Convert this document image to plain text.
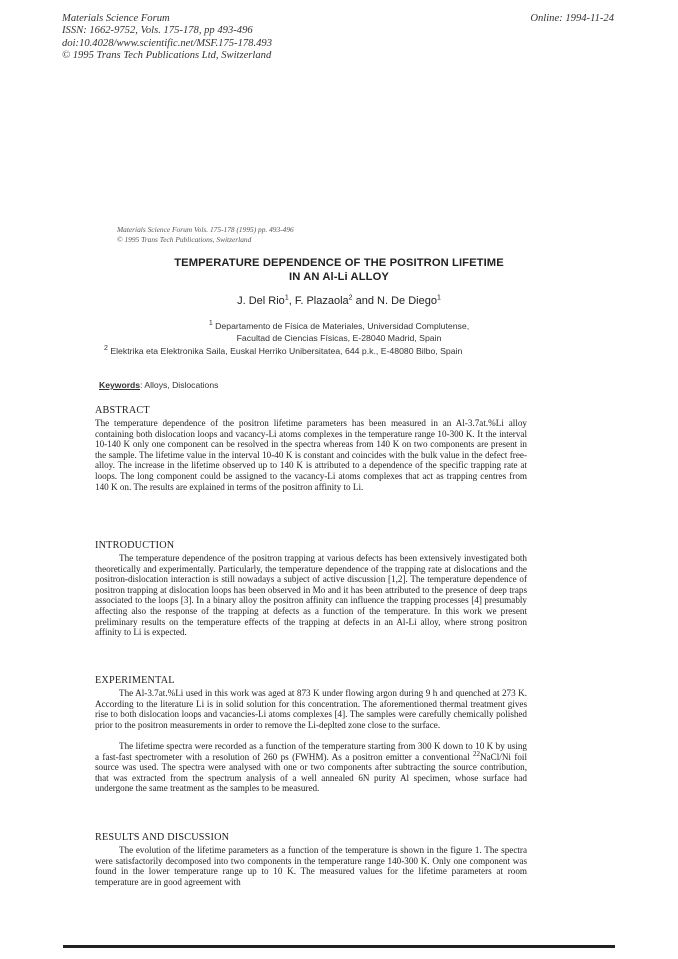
Materials Science Forum
ISSN: 1662-9752, Vols. 175-178, pp 493-496
doi:10.4028/www.scientific.net/MSF.175-178.493
© 1995 Trans Tech Publications Ltd, Switzerland
Online: 1994-11-24
Materials Science Forum Vols. 175-178 (1995) pp. 493-496
© 1995 Trans Tech Publications, Switzerland
TEMPERATURE DEPENDENCE OF THE POSITRON LIFETIME
IN AN Al-Li ALLOY
J. Del Rio$^1$, F. Plazaola$^2$ and N. De Diego$^1$
$^1$ Departamento de Física de Materiales, Universidad Complutense,
Facultad de Ciencias Físicas, E-28040 Madrid, Spain
$^2$ Elektrika eta Elektronika Saila, Euskal Herriko Unibersitatea, 644 p.k., E-48080 Bilbo, Spain
Keywords: Alloys, Dislocations
ABSTRACT

The temperature dependence of the positron lifetime parameters has been measured in an Al-3.7at.%Li alloy containing both dislocation loops and vacancy-Li atoms complexes in the temperature range 10-300 K. It the interval 10-140 K only one component can be resolved in the spectra whereas from 140 K on two components are present in the sample. The lifetime value in the interval 10-40 K is constant and coincides with the bulk value in the defect free-alloy. The increase in the lifetime observed up to 140 K is attributed to a dependence of the specific trapping rate at loops. The long component could be assigned to the vacancy-Li atoms complexes that act as trapping centres from 140 K on. The results are explained in terms of the positron affinity to Li.

INTRODUCTION

The temperature dependence of the positron trapping at various defects has been extensively investigated both theoretically and experimentally. Particularly, the temperature dependence of the trapping rate at dislocations and the positron-dislocation interaction is still nowadays a subject of active discussion [1,2]. The temperature dependence of positron trapping at dislocation loops has been observed in Mo and it has been attributed to the presence of deep traps associated to the loops [3]. In a binary alloy the positron affinity can influence the trapping processes [4] presumably affecting also the response of the trapping at defects as a function of the temperature. In this work we present preliminary results on the temperature effects of the trapping at defects in an Al-Li alloy, where strong positron affinity to Li is expected.

EXPERIMENTAL

The Al-3.7at.%Li used in this work was aged at 873 K under flowing argon during 9 h and quenched at 273 K. According to the literature Li is in solid solution for this concentration. The aforementioned thermal treatment gives rise to both dislocation loops and vacancies-Li atoms complexes [4]. The samples were carefully chemically polished prior to the positron measurements in order to remove the Li-deplted zone close to the surface.

The lifetime spectra were recorded as a function of the temperature starting from 300 K down to 10 K by using a fast-fast spectrometer with a resolution of 260 ps (FWHM). As a positron emitter a conventional $^{22}$NaCl/Ni foil source was used. The spectra were analysed with one or two components after subtracting the source contribution, that was extracted from the spectrum analysis of a well annealed 6N purity Al specimen, whose surface had undergone the same treatment as the samples to be measured.

RESULTS AND DISCUSSION

The evolution of the lifetime parameters as a function of the temperature is shown in the figure 1. The spectra were satisfactorily decomposed into two components in the temperature range 140-300 K. Only one component was found in the lower temperature range up to 10 K. The measured values for the lifetime parameters at room temperature are in good agreement with
